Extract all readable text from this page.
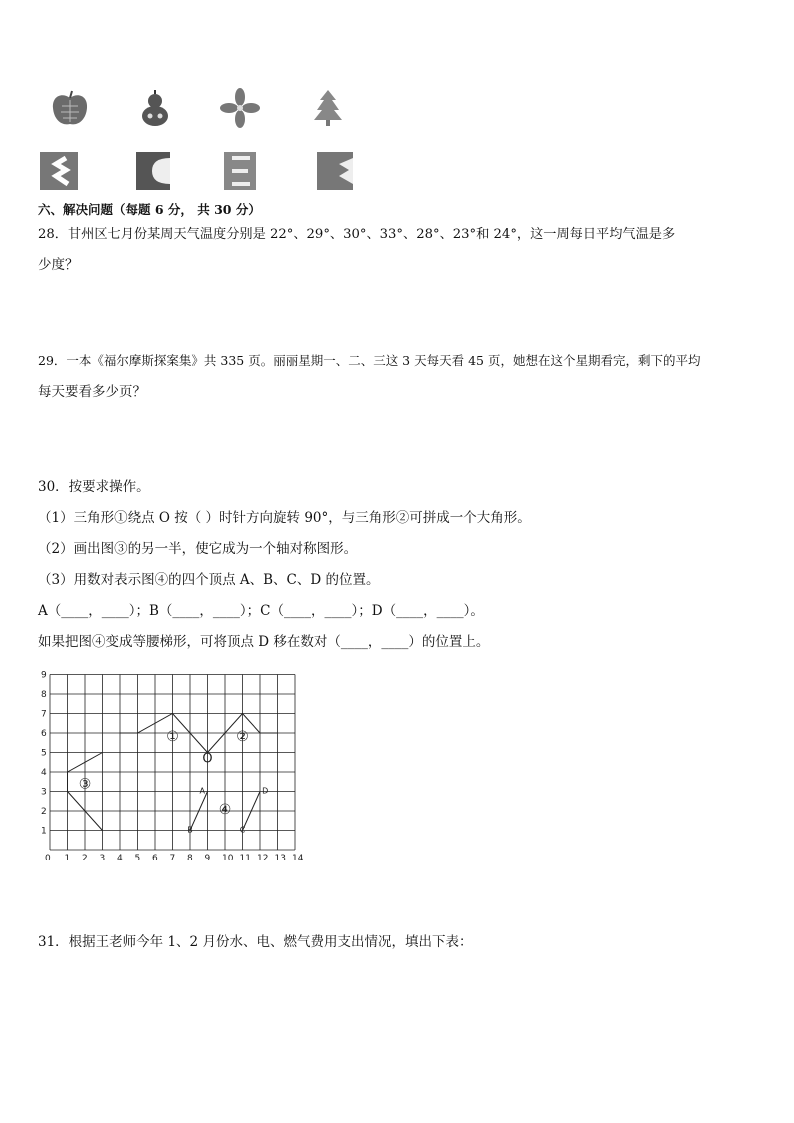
六、解决问题（每题 6 分， 共 30 分）
28．甘州区七月份某周天气温度分别是 22°、29°、30°、33°、28°、23°和 24°，这一周每日平均气温是多
少度？
29．一本《福尔摩斯探案集》共 335 页。丽丽星期一、二、三这 3 天每天看 45 页，她想在这个星期看完，剩下的平均
每天要看多少页？
30．按要求操作。
（1）三角形①绕点 O 按（ ）时针方向旋转 90°，与三角形②可拼成一个大角形。
（2）画出图③的另一半，使它成为一个轴对称图形。
（3）用数对表示图④的四个顶点 A、B、C、D 的位置。
A（____，____）；B（____，____）；C（____，____）；D（____，____）。
如果把图④变成等腰梯形，可将顶点 D 移在数对（____，____）的位置上。
0 1 2 3 4 5 6 7 8 9 10 11 12 13 14
1
2
3
4
5
6
7
8
9
①	②
③
④
O
A
B	C
D
31．根据王老师今年 1、2 月份水、电、燃气费用支出情况，填出下表：
